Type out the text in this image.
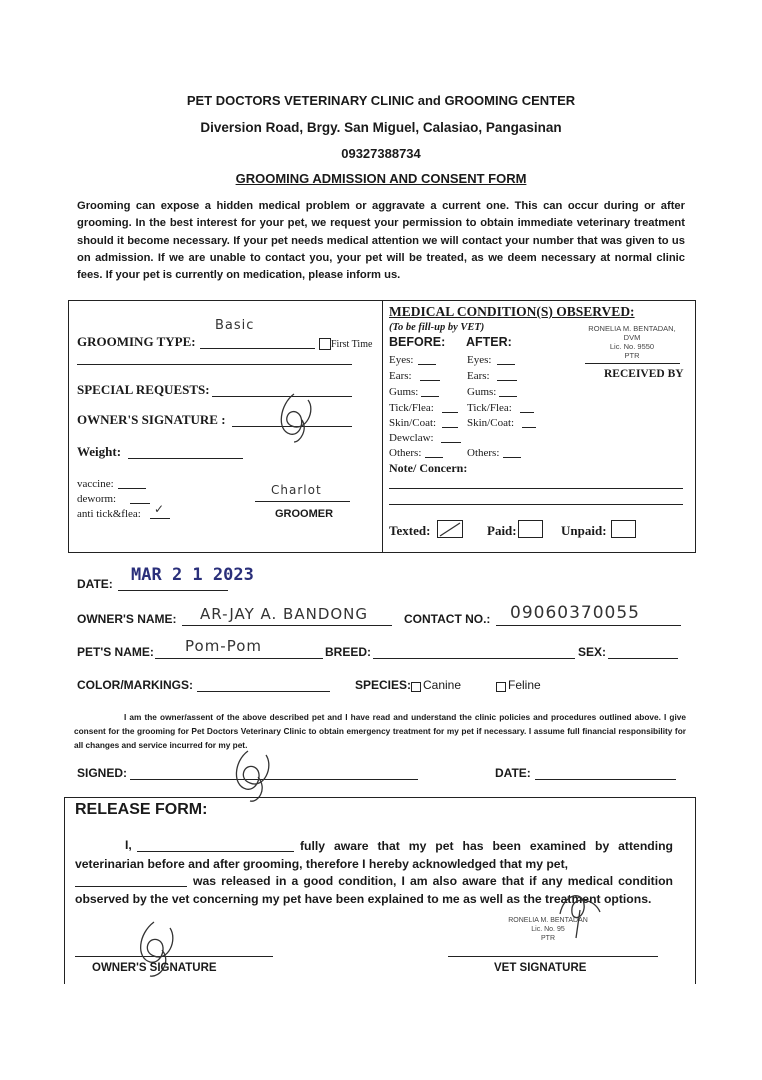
PET DOCTORS VETERINARY CLINIC and GROOMING CENTER
Diversion Road, Brgy. San Miguel, Calasiao, Pangasinan
09327388734
GROOMING ADMISSION AND CONSENT FORM
Grooming can expose a hidden medical problem or aggravate a current one. This can occur during or after grooming. In the best interest for your pet, we request your permission to obtain immediate veterinary treatment should it become necessary. If your pet needs medical attention we will contact your number that was given to us on admission. If we are unable to contact you, your pet will be treated, as we deem necessary at normal clinic fees. If your pet is currently on medication, please inform us.
GROOMING TYPE:
Basic
First Time
SPECIAL REQUESTS:
OWNER'S SIGNATURE :
Weight:
vaccine:
deworm:
anti tick&flea: ✓
Charlot
GROOMER
MEDICAL CONDITION(S) OBSERVED:
(To be fill-up by VET)
BEFORE: AFTER:
Eyes:	Eyes:
Ears:	Ears:
Gums:	Gums:
Tick/Flea:	Tick/Flea:
Skin/Coat:	Skin/Coat:
Dewclaw:
Others:	Others:
Note/ Concern:
Texted:	Paid:	Unpaid:
RONELIA M. BENTADAN, DVM
Lic. No. 9550
PTR
RECEIVED BY
DATE: MAR 2 1 2023
OWNER'S NAME: AR-JAY A. BANDONG	CONTACT NO.: 09060370055
PET'S NAME: Pom-Pom	BREED:	SEX:
COLOR/MARKINGS:	SPECIES: Canine	Feline
I am the owner/assent of the above described pet and I have read and understand the clinic policies and procedures outlined above. I give consent for the grooming for Pet Doctors Veterinary Clinic to obtain emergency treatment for my pet if necessary. I assume full financial responsibility for all changes and service incurred for my pet.
SIGNED:	DATE:
RELEASE FORM:
I,	fully aware that my pet has been examined by attending veterinarian before and after grooming, therefore I hereby acknowledged that my pet,
was released in a good condition, I am also aware that if any medical condition observed by the vet concerning my pet have been explained to me as well as the treatment options.
RONELIA M. BENTADAN
Lic. No. 95
PTR
OWNER'S SIGNATURE	VET SIGNATURE
